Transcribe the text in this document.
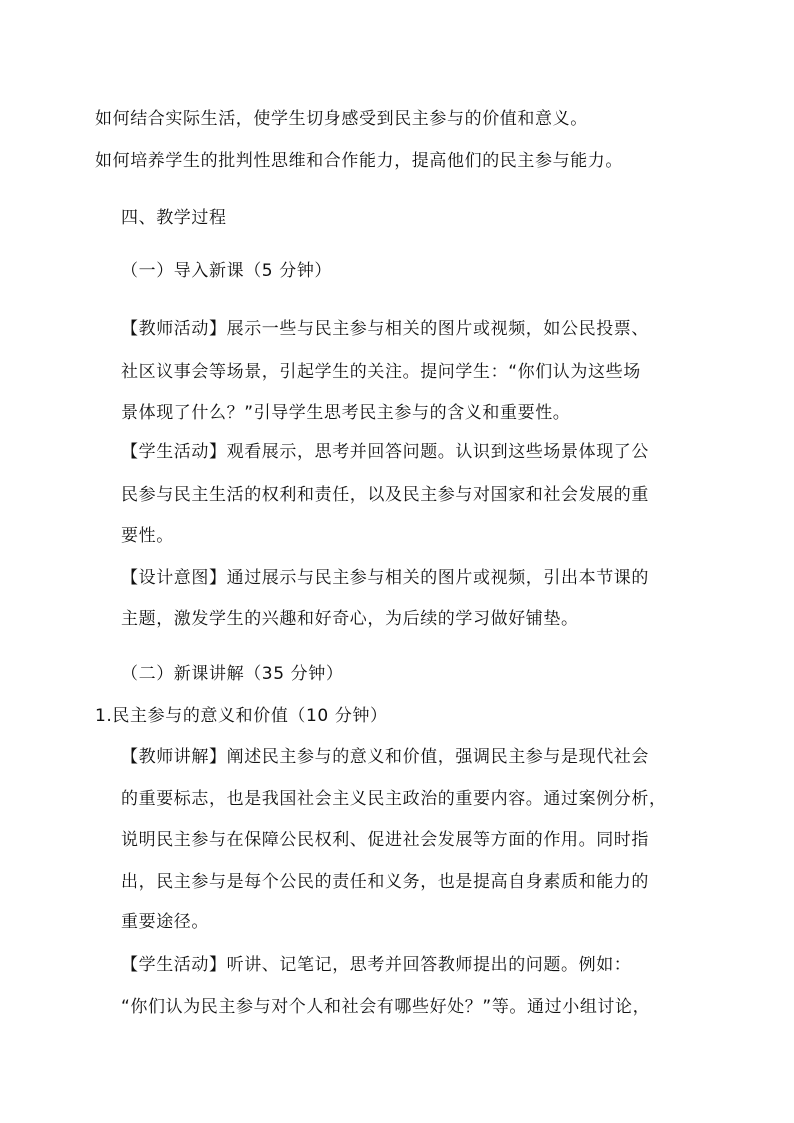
如何结合实际生活，使学生切身感受到民主参与的价值和意义。
如何培养学生的批判性思维和合作能力，提高他们的民主参与能力。
四、教学过程
（一）导入新课（5 分钟）
【教师活动】展示一些与民主参与相关的图片或视频，如公民投票、
社区议事会等场景，引起学生的关注。提问学生：“你们认为这些场
景体现了什么？”引导学生思考民主参与的含义和重要性。
【学生活动】观看展示，思考并回答问题。认识到这些场景体现了公
民参与民主生活的权利和责任，以及民主参与对国家和社会发展的重
要性。
【设计意图】通过展示与民主参与相关的图片或视频，引出本节课的
主题，激发学生的兴趣和好奇心，为后续的学习做好铺垫。
（二）新课讲解（35 分钟）
1.民主参与的意义和价值（10 分钟）
【教师讲解】阐述民主参与的意义和价值，强调民主参与是现代社会
的重要标志，也是我国社会主义民主政治的重要内容。通过案例分析，
说明民主参与在保障公民权利、促进社会发展等方面的作用。同时指
出，民主参与是每个公民的责任和义务，也是提高自身素质和能力的
重要途径。
【学生活动】听讲、记笔记，思考并回答教师提出的问题。例如：
“你们认为民主参与对个人和社会有哪些好处？”等。通过小组讨论，
